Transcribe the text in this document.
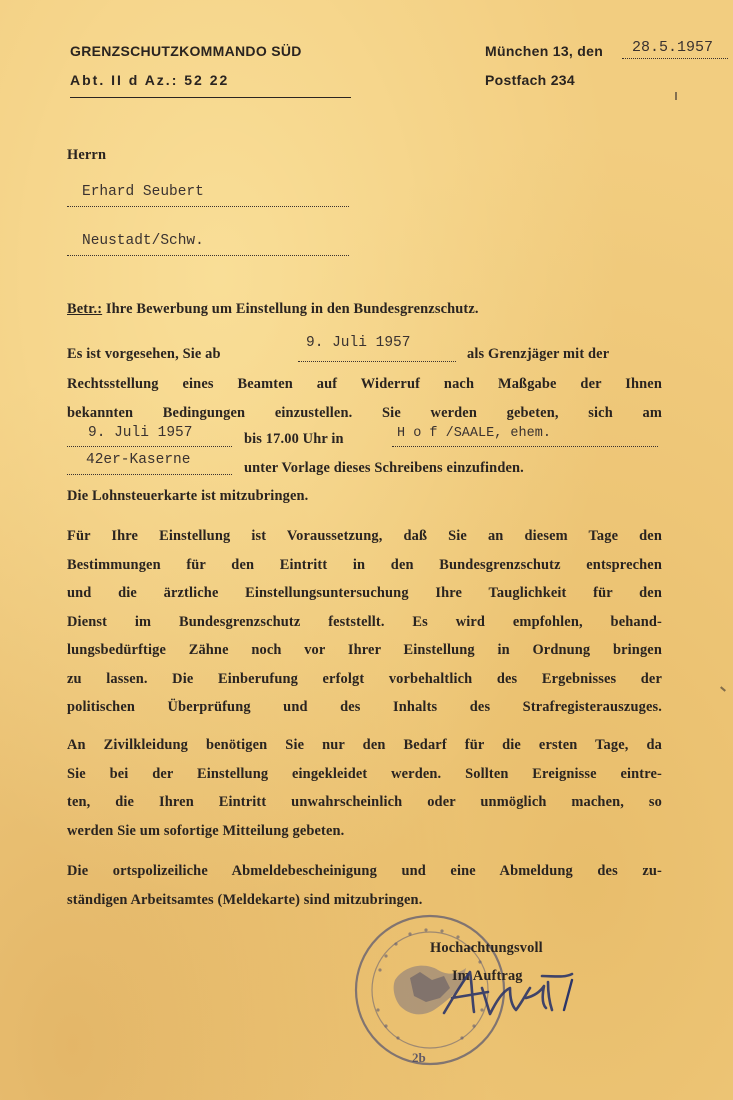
GRENZSCHUTZKOMMANDO SÜD
Abt. II d Az.: 52 22
München 13, den 28.5.1957
Postfach 234
Herrn
Erhard Seubert
Neustadt/Schw.
Betr.: Ihre Bewerbung um Einstellung in den Bundesgrenzschutz.
Es ist vorgesehen, Sie ab
9. Juli 1957
als Grenzjäger mit der
Rechtsstellung eines Beamten auf Widerruf nach Maßgabe der Ihnen
bekannten Bedingungen einzustellen. Sie werden gebeten, sich am
9. Juli 1957	bis 17.00 Uhr in	H o f /SAALE, ehem.
42er-Kaserne	unter Vorlage dieses Schreibens einzufinden.
Die Lohnsteuerkarte ist mitzubringen.
Für Ihre Einstellung ist Voraussetzung, daß Sie an diesem Tage den
Bestimmungen für den Eintritt in den Bundesgrenzschutz entsprechen
und die ärztliche Einstellungsuntersuchung Ihre Tauglichkeit für den
Dienst im Bundesgrenzschutz feststellt. Es wird empfohlen, behand-
lungsbedürftige Zähne noch vor Ihrer Einstellung in Ordnung bringen
zu lassen. Die Einberufung erfolgt vorbehaltlich des Ergebnisses der
politischen Überprüfung und des Inhalts des Strafregisterauszuges.
An Zivilkleidung benötigen Sie nur den Bedarf für die ersten Tage, da
Sie bei der Einstellung eingekleidet werden. Sollten Ereignisse eintre-
ten, die Ihren Eintritt unwahrscheinlich oder unmöglich machen, so
werden Sie um sofortige Mitteilung gebeten.
Die ortspolizeiliche Abmeldebescheinigung und eine Abmeldung des zu-
ständigen Arbeitsamtes (Meldekarte) sind mitzubringen.
2b
Hochachtungsvoll
Im Auftrag
